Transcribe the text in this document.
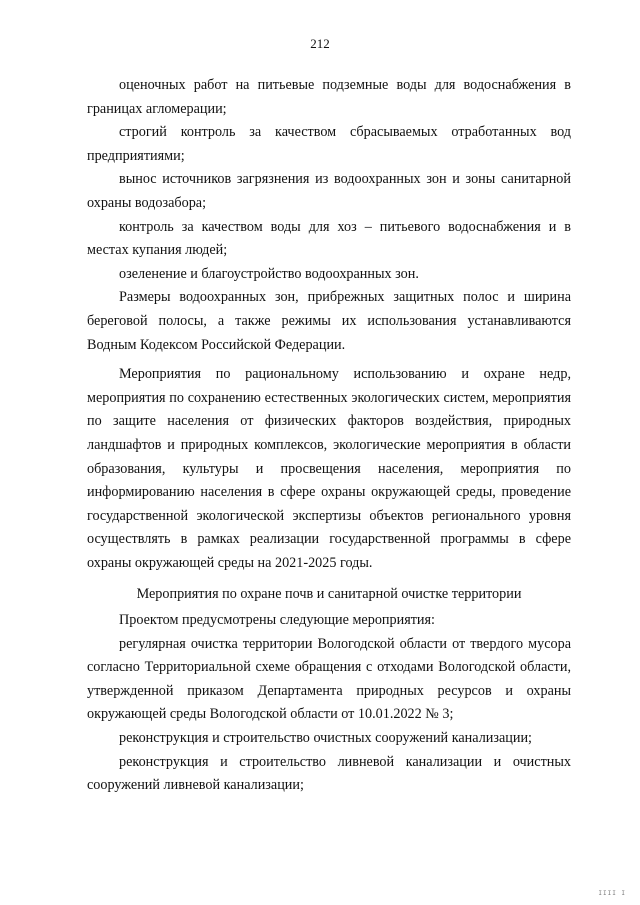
212

оценочных работ на питьевые подземные воды для водоснабжения в границах агломерации;

строгий контроль за качеством сбрасываемых отработанных вод предприятиями;

вынос источников загрязнения из водоохранных зон и зоны санитарной охраны водозабора;

контроль за качеством воды для хоз – питьевого водоснабжения и в местах купания людей;

озеленение и благоустройство водоохранных зон.

Размеры водоохранных зон, прибрежных защитных полос и ширина береговой полосы, а также режимы их использования устанавливаются Водным Кодексом Российской Федерации.

Мероприятия по рациональному использованию и охране недр, мероприятия по сохранению естественных экологических систем, мероприятия по защите населения от физических факторов воздействия, природных ландшафтов и природных комплексов, экологические мероприятия в области образования, культуры и просвещения населения, мероприятия по информированию населения в сфере охраны окружающей среды, проведение государственной экологической экспертизы объектов регионального уровня осуществлять в рамках реализации государственной программы в сфере охраны окружающей среды на 2021-2025 годы.

Мероприятия по охране почв и санитарной очистке территории

Проектом предусмотрены следующие мероприятия:

регулярная очистка территории Вологодской области от твердого мусора согласно Территориальной схеме обращения с отходами Вологодской области, утвержденной приказом Департамента природных ресурсов и охраны окружающей среды Вологодской области от 10.01.2022 № 3;

реконструкция и строительство очистных сооружений канализации;

реконструкция и строительство ливневой канализации и очистных сооружений ливневой канализации;

IIII I
